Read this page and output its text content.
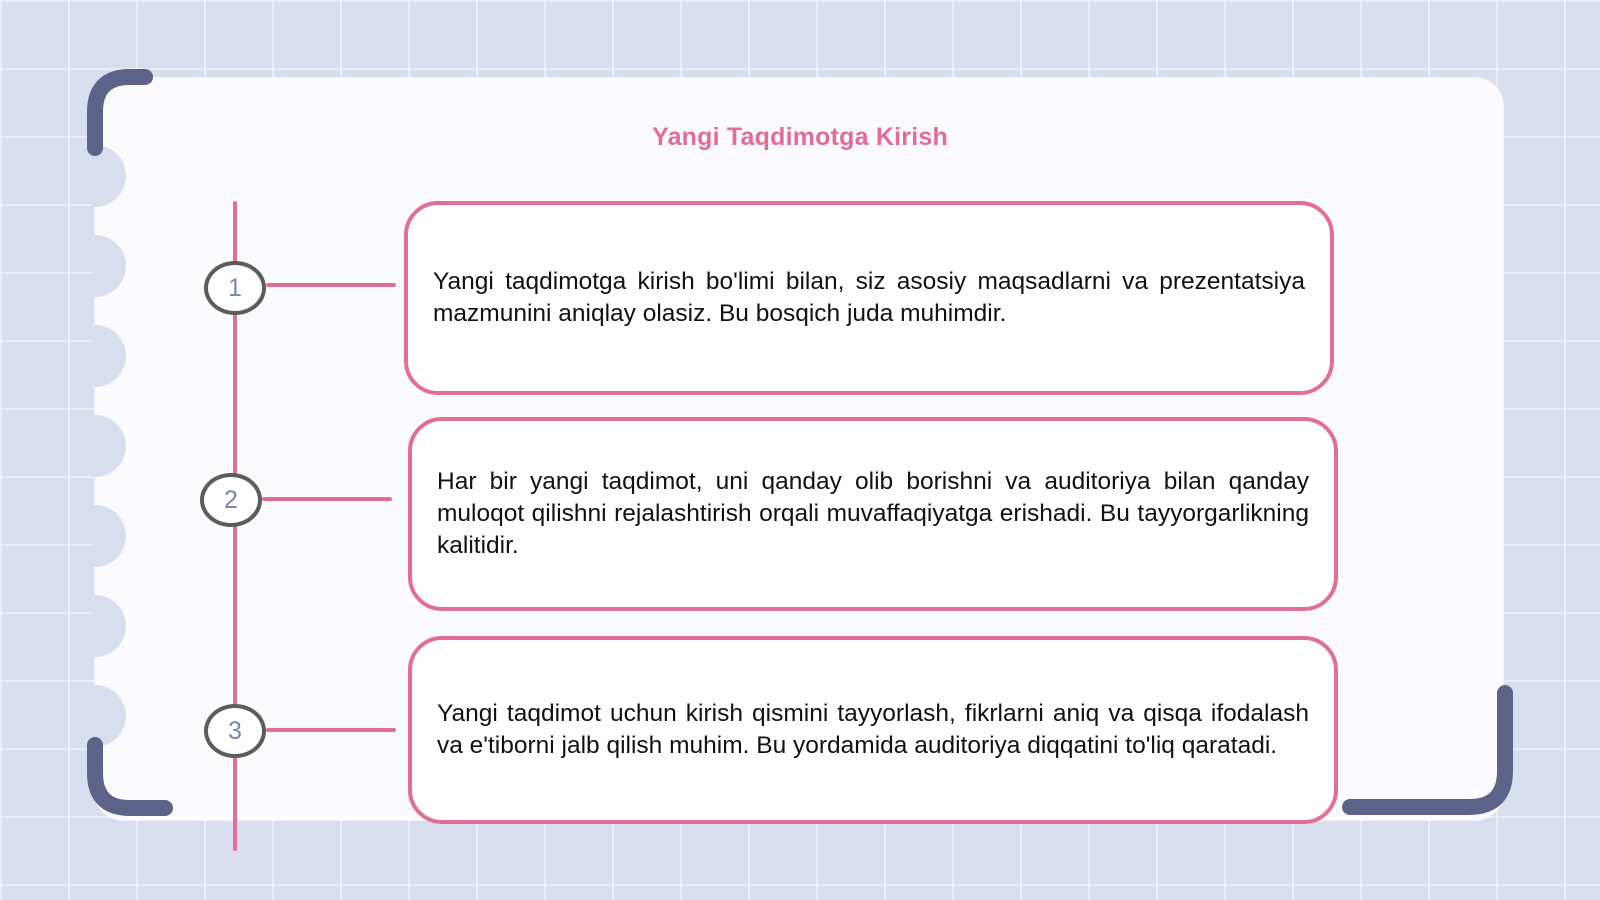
Yangi Taqdimotga Kirish
1
2
3
Yangi taqdimotga kirish bo'limi bilan, siz asosiy maqsadlarni va prezentatsiya mazmunini aniqlay olasiz. Bu bosqich juda muhimdir.
Har bir yangi taqdimot, uni qanday olib borishni va auditoriya bilan qanday muloqot qilishni rejalashtirish orqali muvaffaqiyatga erishadi. Bu tayyorgarlikning kalitidir.
Yangi taqdimot uchun kirish qismini tayyorlash, fikrlarni aniq va qisqa ifodalash va e'tiborni jalb qilish muhim. Bu yordamida auditoriya diqqatini to'liq qaratadi.
